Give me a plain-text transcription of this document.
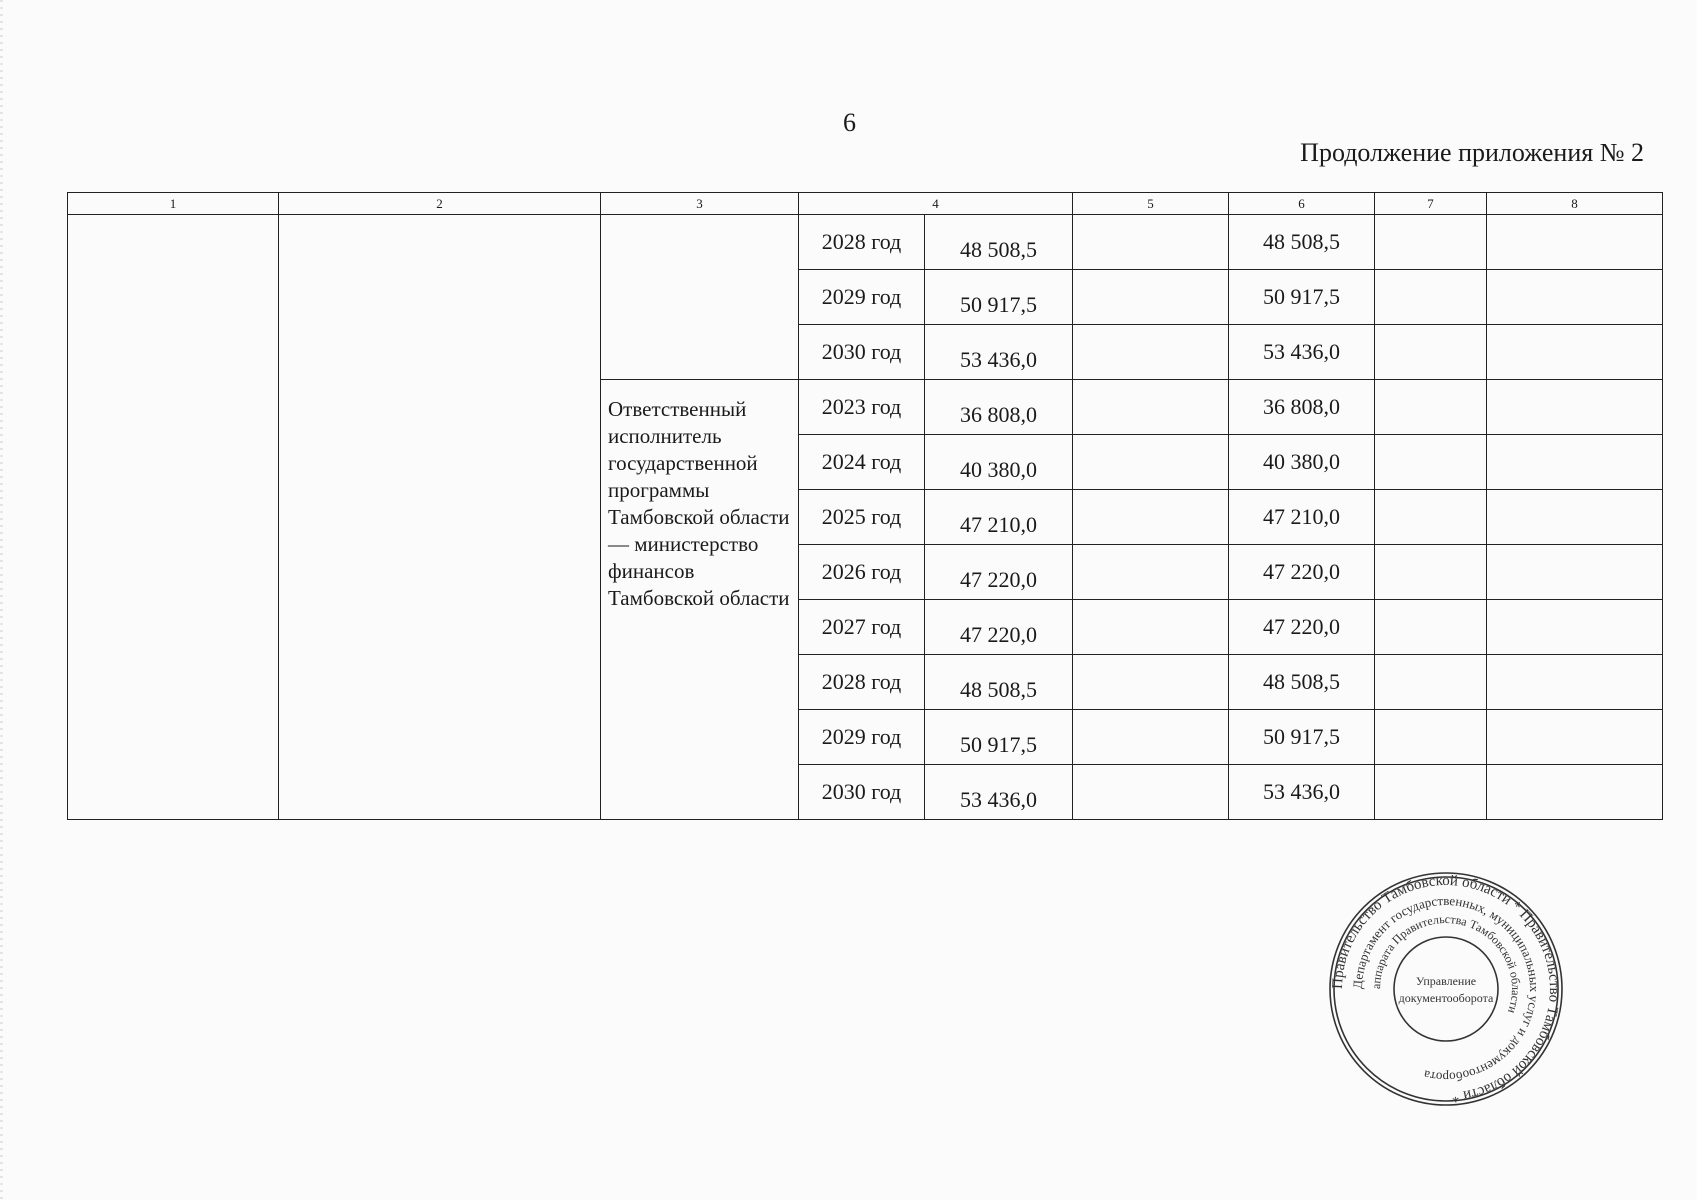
6
Продолжение приложения № 2
1	2	3	4		5	6	7	8
			2028 год	48 508,5		48 508,5		
			2029 год	50 917,5		50 917,5		
			2030 год	53 436,0		53 436,0		
		Ответственный исполнитель государственной программы Тамбовской области — министерство финансов Тамбовской области	2023 год	36 808,0		36 808,0		
			2024 год	40 380,0		40 380,0		
			2025 год	47 210,0		47 210,0		
			2026 год	47 220,0		47 220,0		
			2027 год	47 220,0		47 220,0		
			2028 год	48 508,5		48 508,5		
			2029 год	50 917,5		50 917,5		
			2030 год	53 436,0		53 436,0		
Правительство Тамбовской области * Правительство Тамбовской области *
Департамент государственных, муниципальных услуг и документооборота
аппарата Правительства Тамбовской области
Управление
документооборота
